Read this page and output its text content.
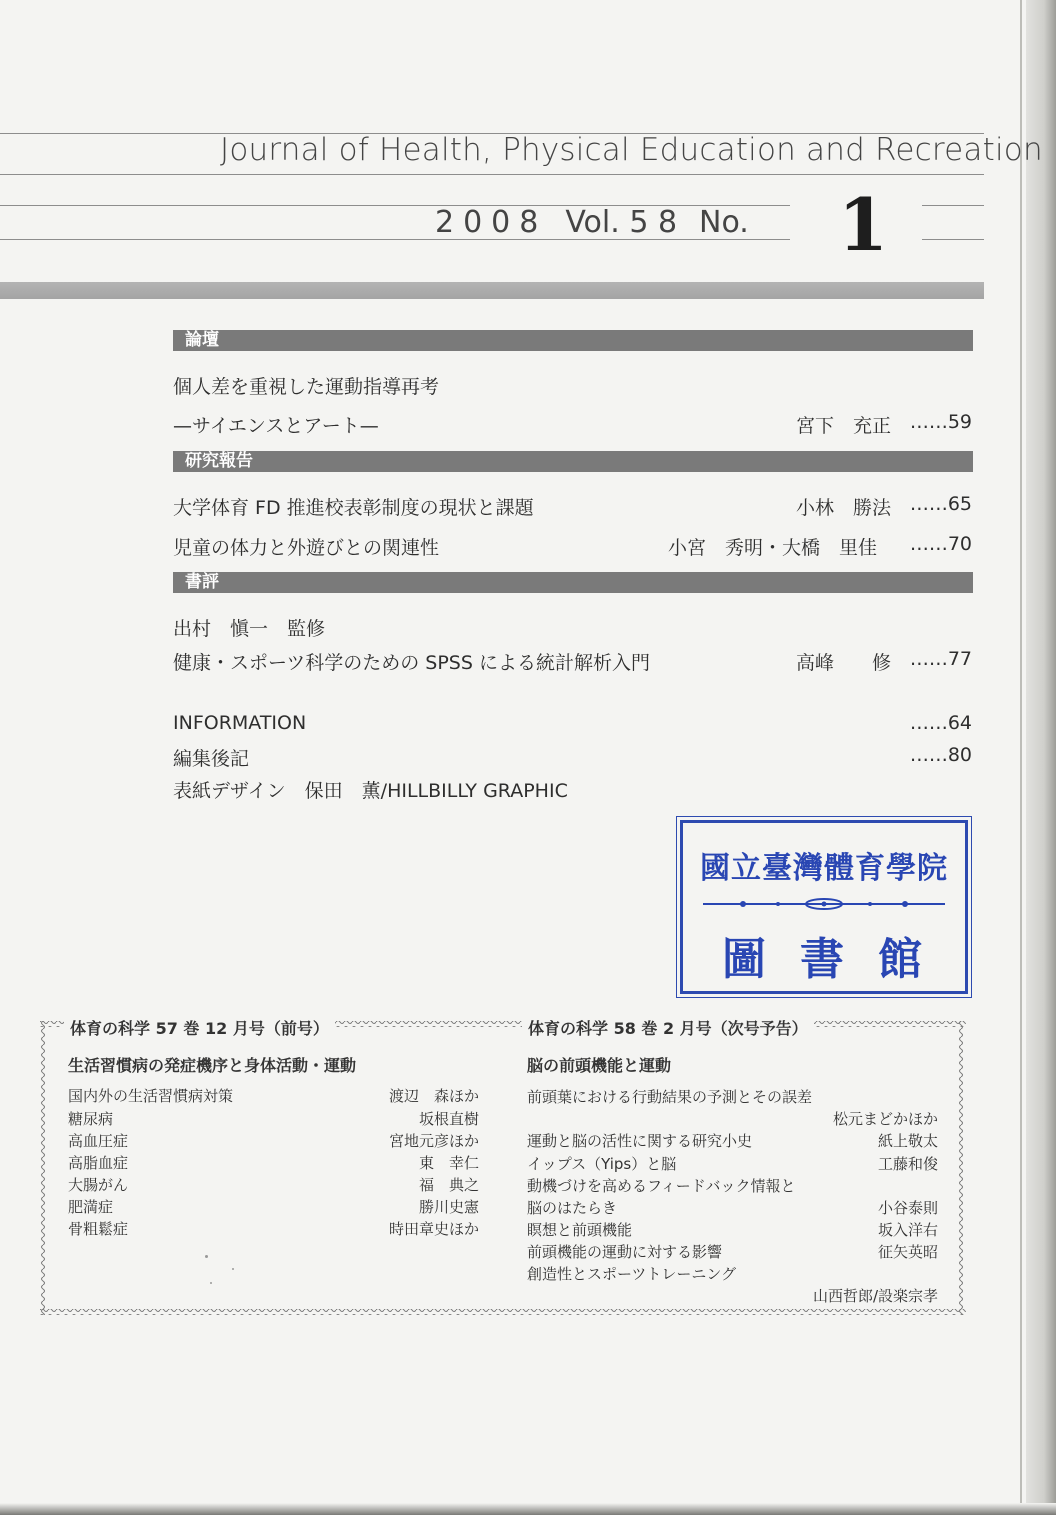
Journal of Health, Physical Education and Recreation
2008 Vol. 5 8 No. 1
論壇
個人差を重視した運動指導再考
—サイエンスとアート—	宮下　充正 ……59
研究報告
大学体育 FD 推進校表彰制度の現状と課題	小林　勝法 ……65
児童の体力と外遊びとの関連性	小宮　秀明・大橋　里佳 ……70
書評
出村　愼一　監修
健康・スポーツ科学のための SPSS による統計解析入門	高峰　　修 ……77
INFORMATION	……64
編集後記	……80
表紙デザイン　保田　薫/HILLBILLY GRAPHIC
國立臺灣體育學院
圖書館
体育の科学 57 巻 12 月号（前号）
生活習慣病の発症機序と身体活動・運動
国内外の生活習慣病対策	渡辺　森ほか
糖尿病	坂根直樹
高血圧症	宮地元彦ほか
高脂血症	東　幸仁
大腸がん	福　典之
肥満症	勝川史憲
骨粗鬆症	時田章史ほか
体育の科学 58 巻 2 月号（次号予告）
脳の前頭機能と運動
前頭葉における行動結果の予測とその誤差
松元まどかほか
運動と脳の活性に関する研究小史	紙上敬太
イップス（Yips）と脳	工藤和俊
動機づけを高めるフィードバック情報と
脳のはたらき	小谷泰則
瞑想と前頭機能	坂入洋右
前頭機能の運動に対する影響	征矢英昭
創造性とスポーツトレーニング
山西哲郎/設楽宗孝
